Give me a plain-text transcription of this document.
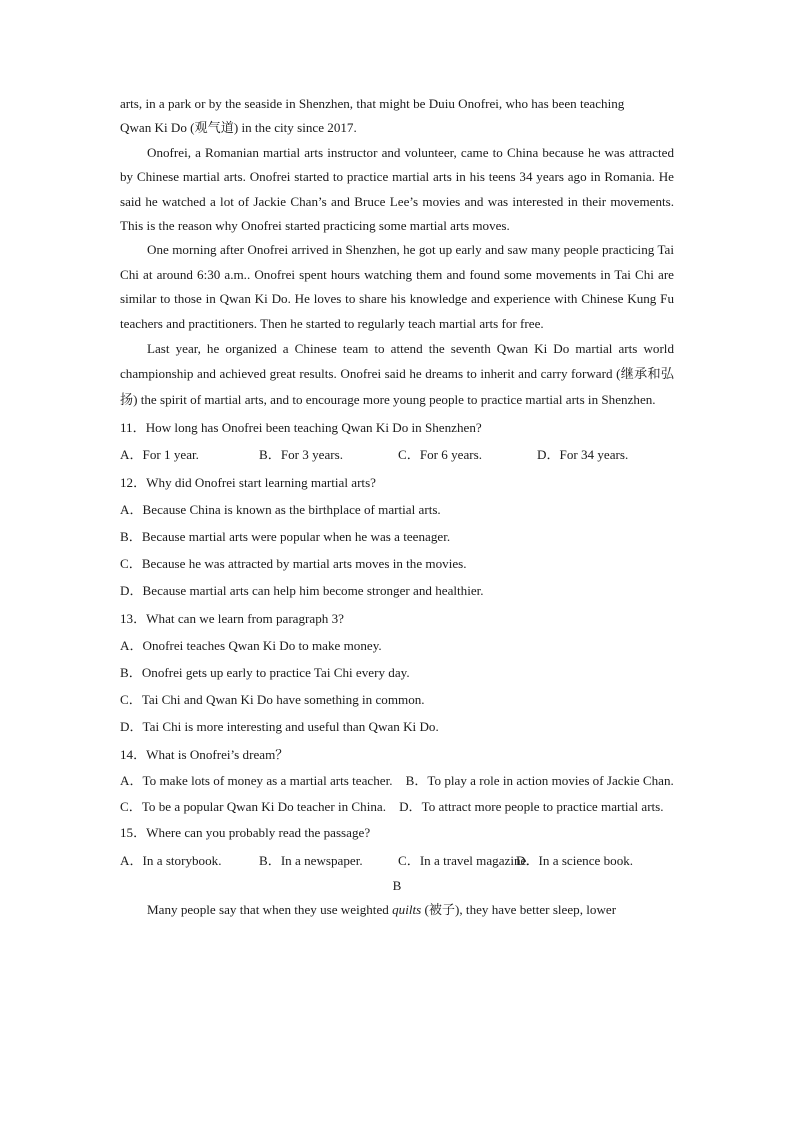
arts, in a park or by the seaside in Shenzhen, that might be Duiu Onofrei, who has been teaching

Qwan Ki Do (观气道) in the city since 2017.

Onofrei, a Romanian martial arts instructor and volunteer, came to China because he was attracted by Chinese martial arts. Onofrei started to practice martial arts in his teens 34 years ago in Romania. He said he watched a lot of Jackie Chan’s and Bruce Lee’s movies and was interested in their movements. This is the reason why Onofrei started practicing some martial arts moves.

One morning after Onofrei arrived in Shenzhen, he got up early and saw many people practicing Tai Chi at around 6:30 a.m.. Onofrei spent hours watching them and found some movements in Tai Chi are similar to those in Qwan Ki Do. He loves to share his knowledge and experience with Chinese Kung Fu teachers and practitioners. Then he started to regularly teach martial arts for free.

Last year, he organized a Chinese team to attend the seventh Qwan Ki Do martial arts world championship and achieved great results. Onofrei said he dreams to inherit and carry forward (继承和弘扬) the spirit of martial arts, and to encourage more young people to practice martial arts in Shenzhen.

11．How long has Onofrei been teaching Qwan Ki Do in Shenzhen?

A．For 1 year.	B．For 3 years.	C．For 6 years.	D．For 34 years.

12．Why did Onofrei start learning martial arts?

A．Because China is known as the birthplace of martial arts.

B．Because martial arts were popular when he was a teenager.

C．Because he was attracted by martial arts moves in the movies.

D．Because martial arts can help him become stronger and healthier.

13．What can we learn from paragraph 3?

A．Onofrei teaches Qwan Ki Do to make money.

B．Onofrei gets up early to practice Tai Chi every day.

C．Tai Chi and Qwan Ki Do have something in common.

D．Tai Chi is more interesting and useful than Qwan Ki Do.

14．What is Onofrei’s dream？

A．To make lots of money as a martial arts teacher.　B．To play a role in action movies of Jackie Chan.

C．To be a popular Qwan Ki Do teacher in China.　D．To attract more people to practice martial arts.

15．Where can you probably read the passage?

A．In a storybook.	B．In a newspaper.	C．In a travel magazine.
D．In a science book.

B

Many people say that when they use weighted quilts (被子), they have better sleep, lower
